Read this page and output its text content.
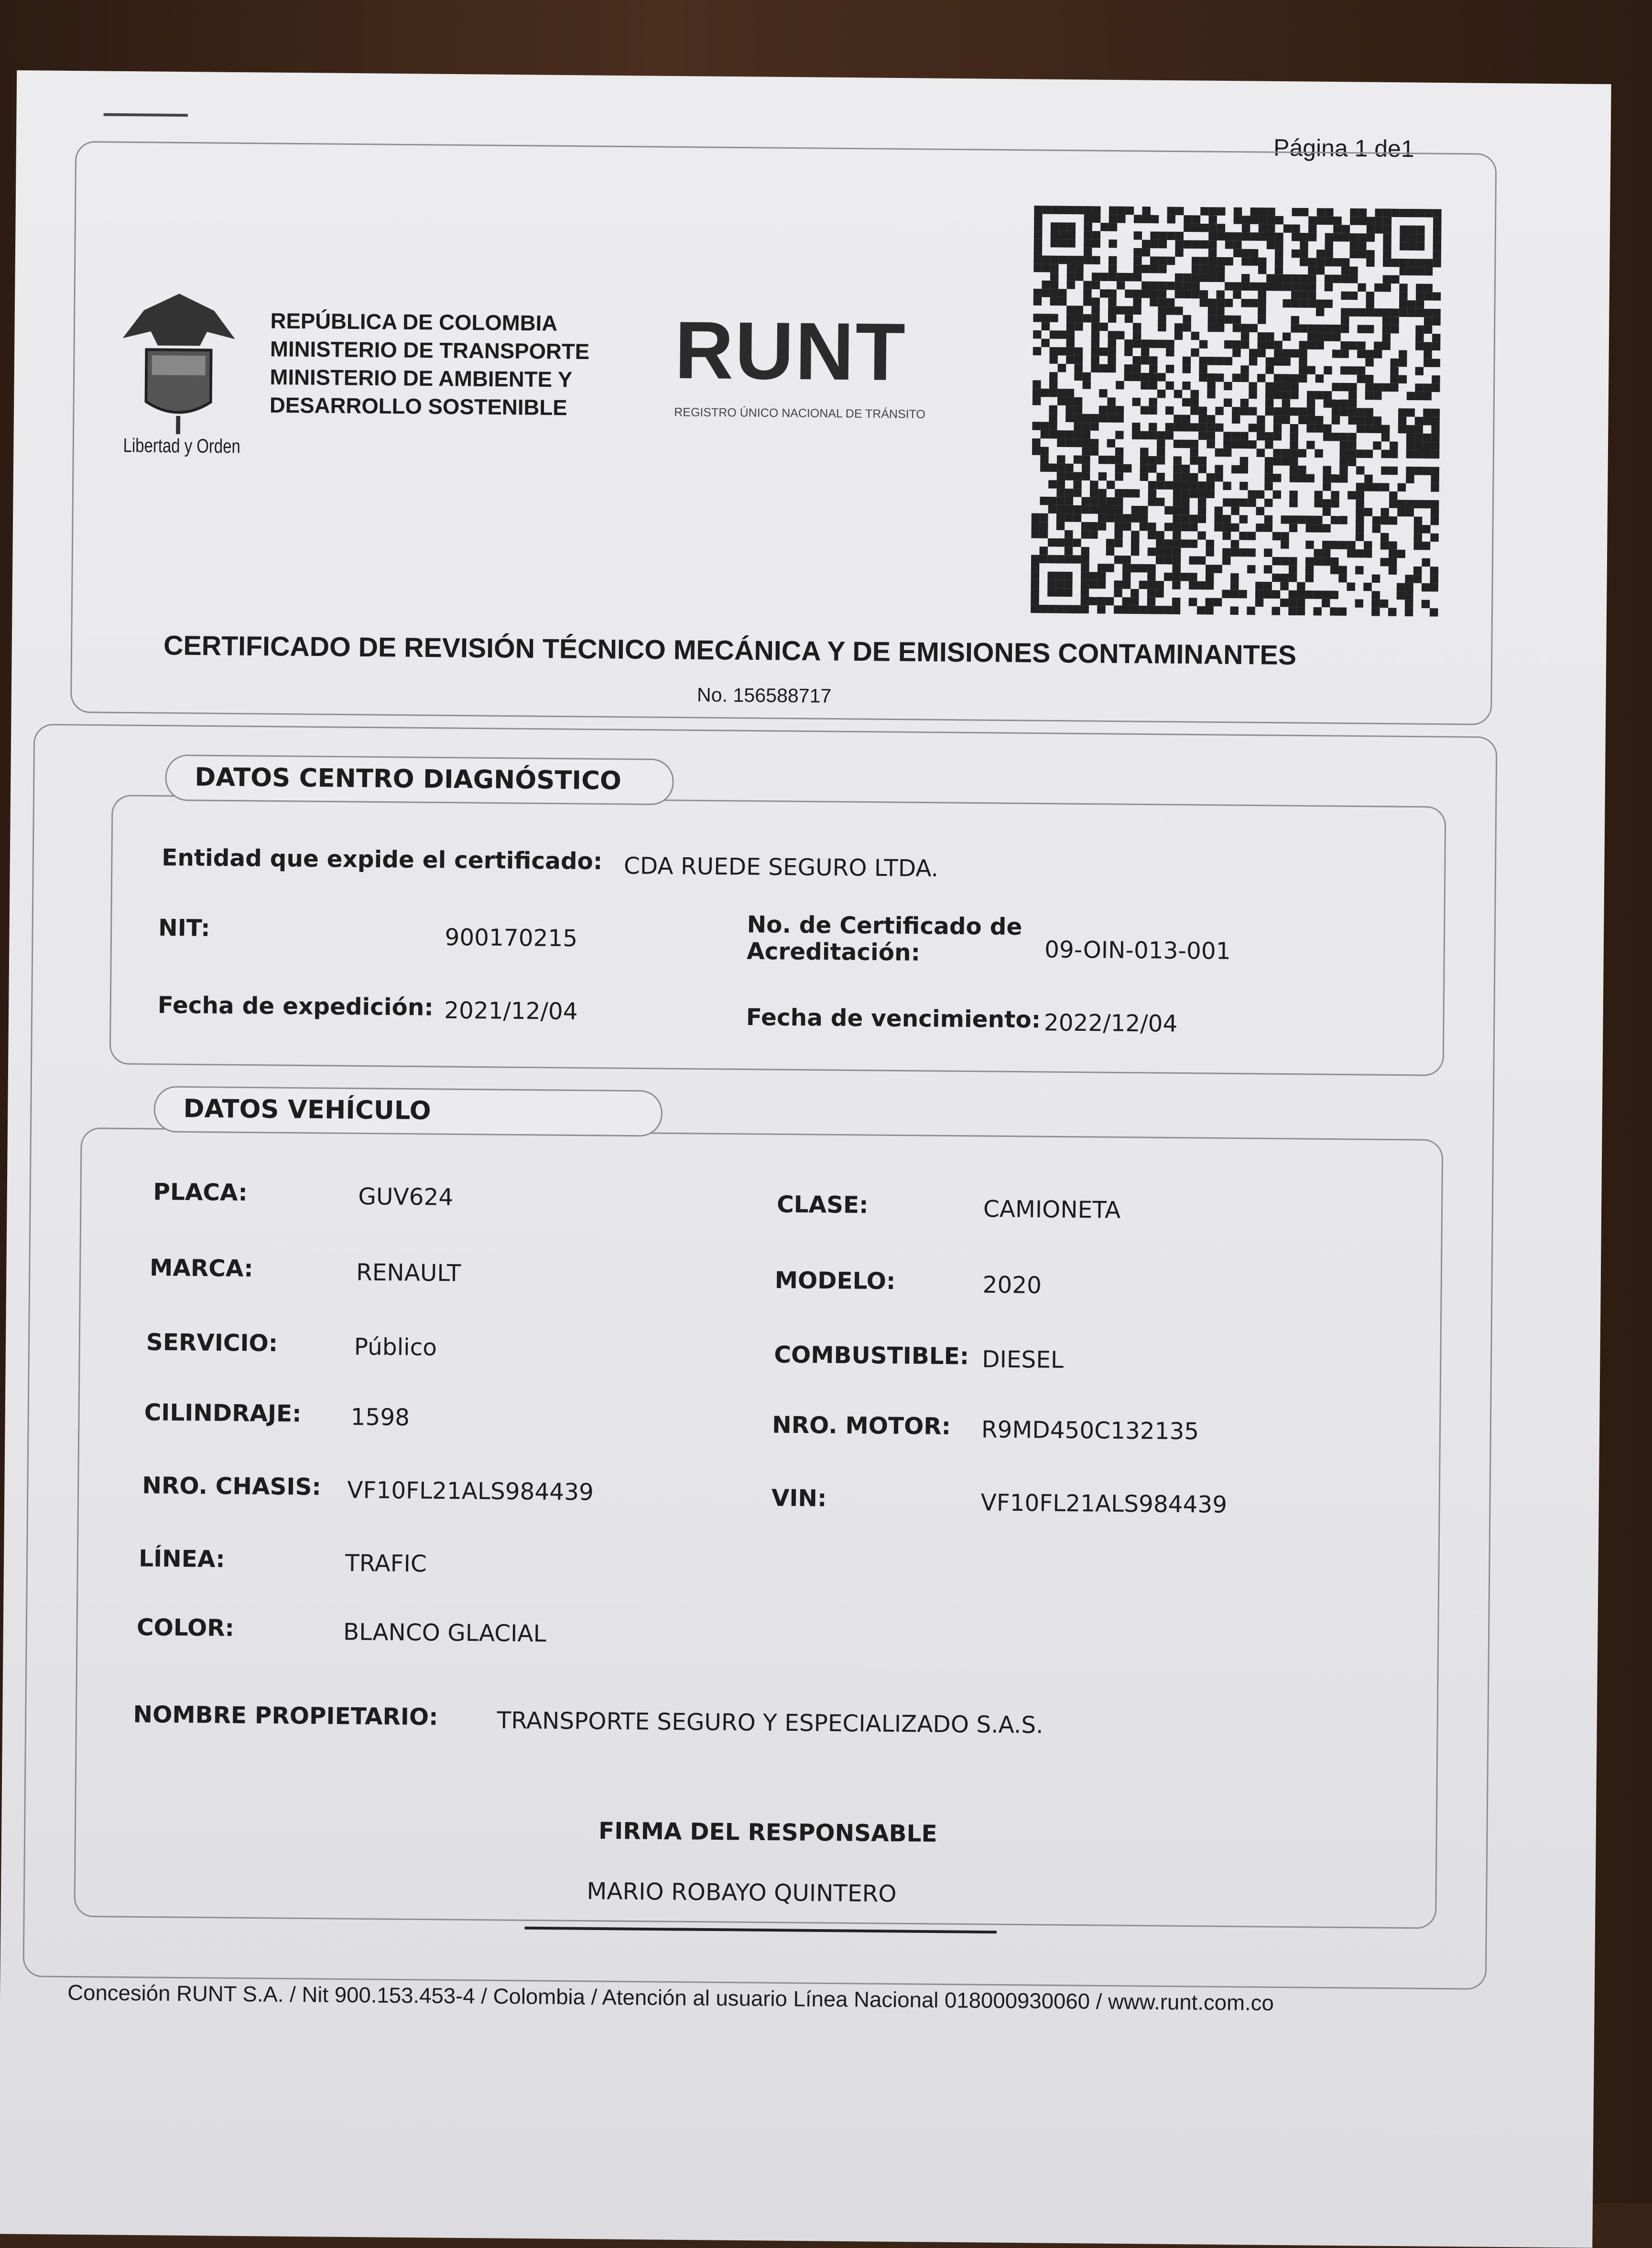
Página 1 de1
Libertad y Orden
REPÚBLICA DE COLOMBIA
MINISTERIO DE TRANSPORTE
MINISTERIO DE AMBIENTE Y
DESARROLLO SOSTENIBLE
RUNT
REGISTRO ÚNICO NACIONAL DE TRÁNSITO
CERTIFICADO DE REVISIÓN TÉCNICO MECÁNICA Y DE EMISIONES CONTAMINANTES
No. 156588717
DATOS CENTRO DIAGNÓSTICO
Entidad que expide el certificado:	CDA RUEDE SEGURO LTDA.
NIT:	900170215	No. de Certificado de
Acreditación:	09-OIN-013-001
Fecha de expedición: 2021/12/04	Fecha de vencimiento: 2022/12/04
DATOS VEHÍCULO
PLACA:	GUV624	CLASE:	CAMIONETA
MARCA:	RENAULT	MODELO:	2020
SERVICIO:	Público	COMBUSTIBLE: DIESEL
CILINDRAJE:	1598	NRO. MOTOR:	R9MD450C132135
NRO. CHASIS:	VF10FL21ALS984439	VIN:	VF10FL21ALS984439
LÍNEA:	TRAFIC
COLOR:	BLANCO GLACIAL
NOMBRE PROPIETARIO:	TRANSPORTE SEGURO Y ESPECIALIZADO S.A.S.
FIRMA DEL RESPONSABLE
MARIO ROBAYO QUINTERO
Concesión RUNT S.A. / Nit 900.153.453-4 / Colombia / Atención al usuario Línea Nacional 018000930060 / www.runt.com.co
